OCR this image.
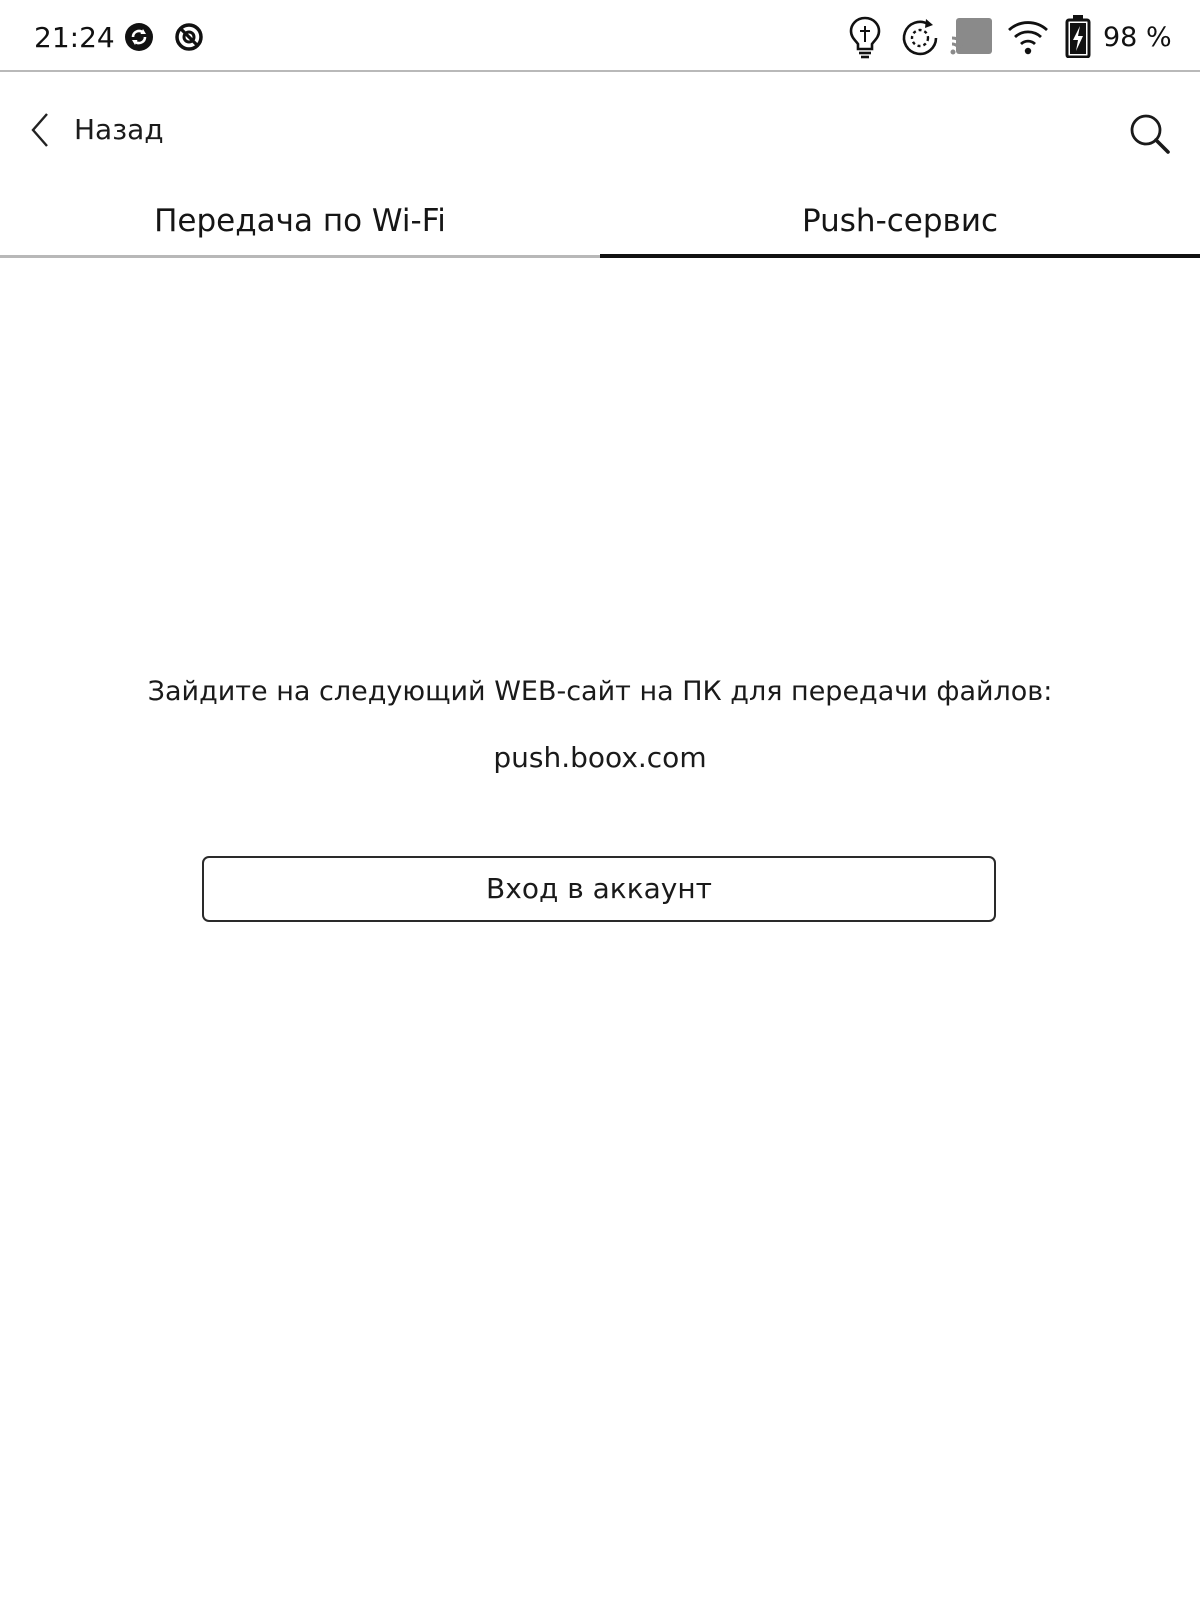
21:24	98 %
Назад
Передача по Wi-Fi	Push-сервис
Зайдите на следующий WEB-сайт на ПК для передачи файлов:
push.boox.com
Вход в аккаунт
